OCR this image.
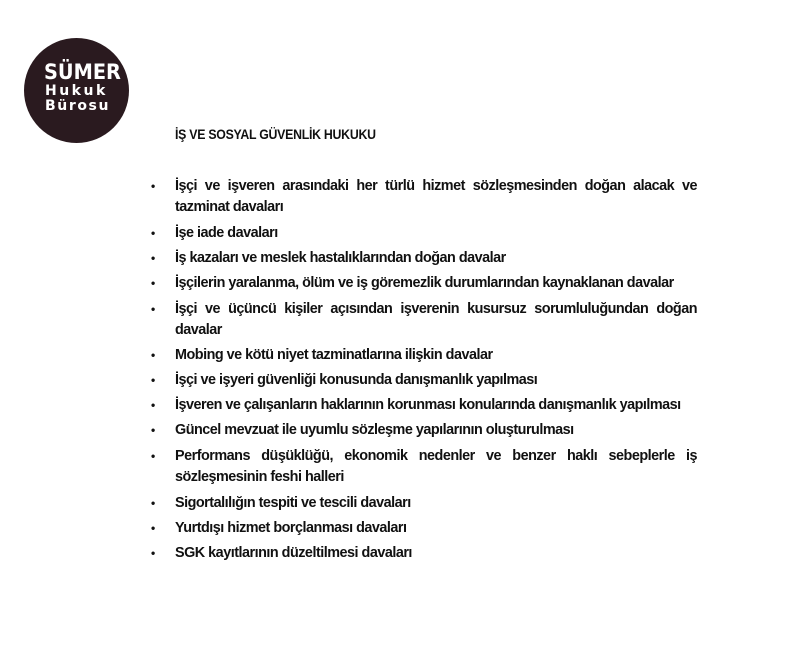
SÜMER
Hukuk
Bürosu
İŞ VE SOSYAL GÜVENLİK HUKUKU
•	İşçi ve işveren arasındaki her türlü hizmet sözleşmesinden doğan alacak ve tazminat davaları
•	İşe iade davaları
•	İş kazaları ve meslek hastalıklarından doğan davalar
•	İşçilerin yaralanma, ölüm ve iş göremezlik durumlarından kaynaklanan davalar
•	İşçi ve üçüncü kişiler açısından işverenin kusursuz sorumluluğundan doğan davalar
•	Mobing ve kötü niyet tazminatlarına ilişkin davalar
•	İşçi ve işyeri güvenliği konusunda danışmanlık yapılması
•	İşveren ve çalışanların haklarının korunması konularında danışmanlık yapılması
•	Güncel mevzuat ile uyumlu sözleşme yapılarının oluşturulması
•	Performans düşüklüğü, ekonomik nedenler ve benzer haklı sebeplerle iş sözleşmesinin feshi halleri
•	Sigortalılığın tespiti ve tescili davaları
•	Yurtdışı hizmet borçlanması davaları
•	SGK kayıtlarının düzeltilmesi davaları
